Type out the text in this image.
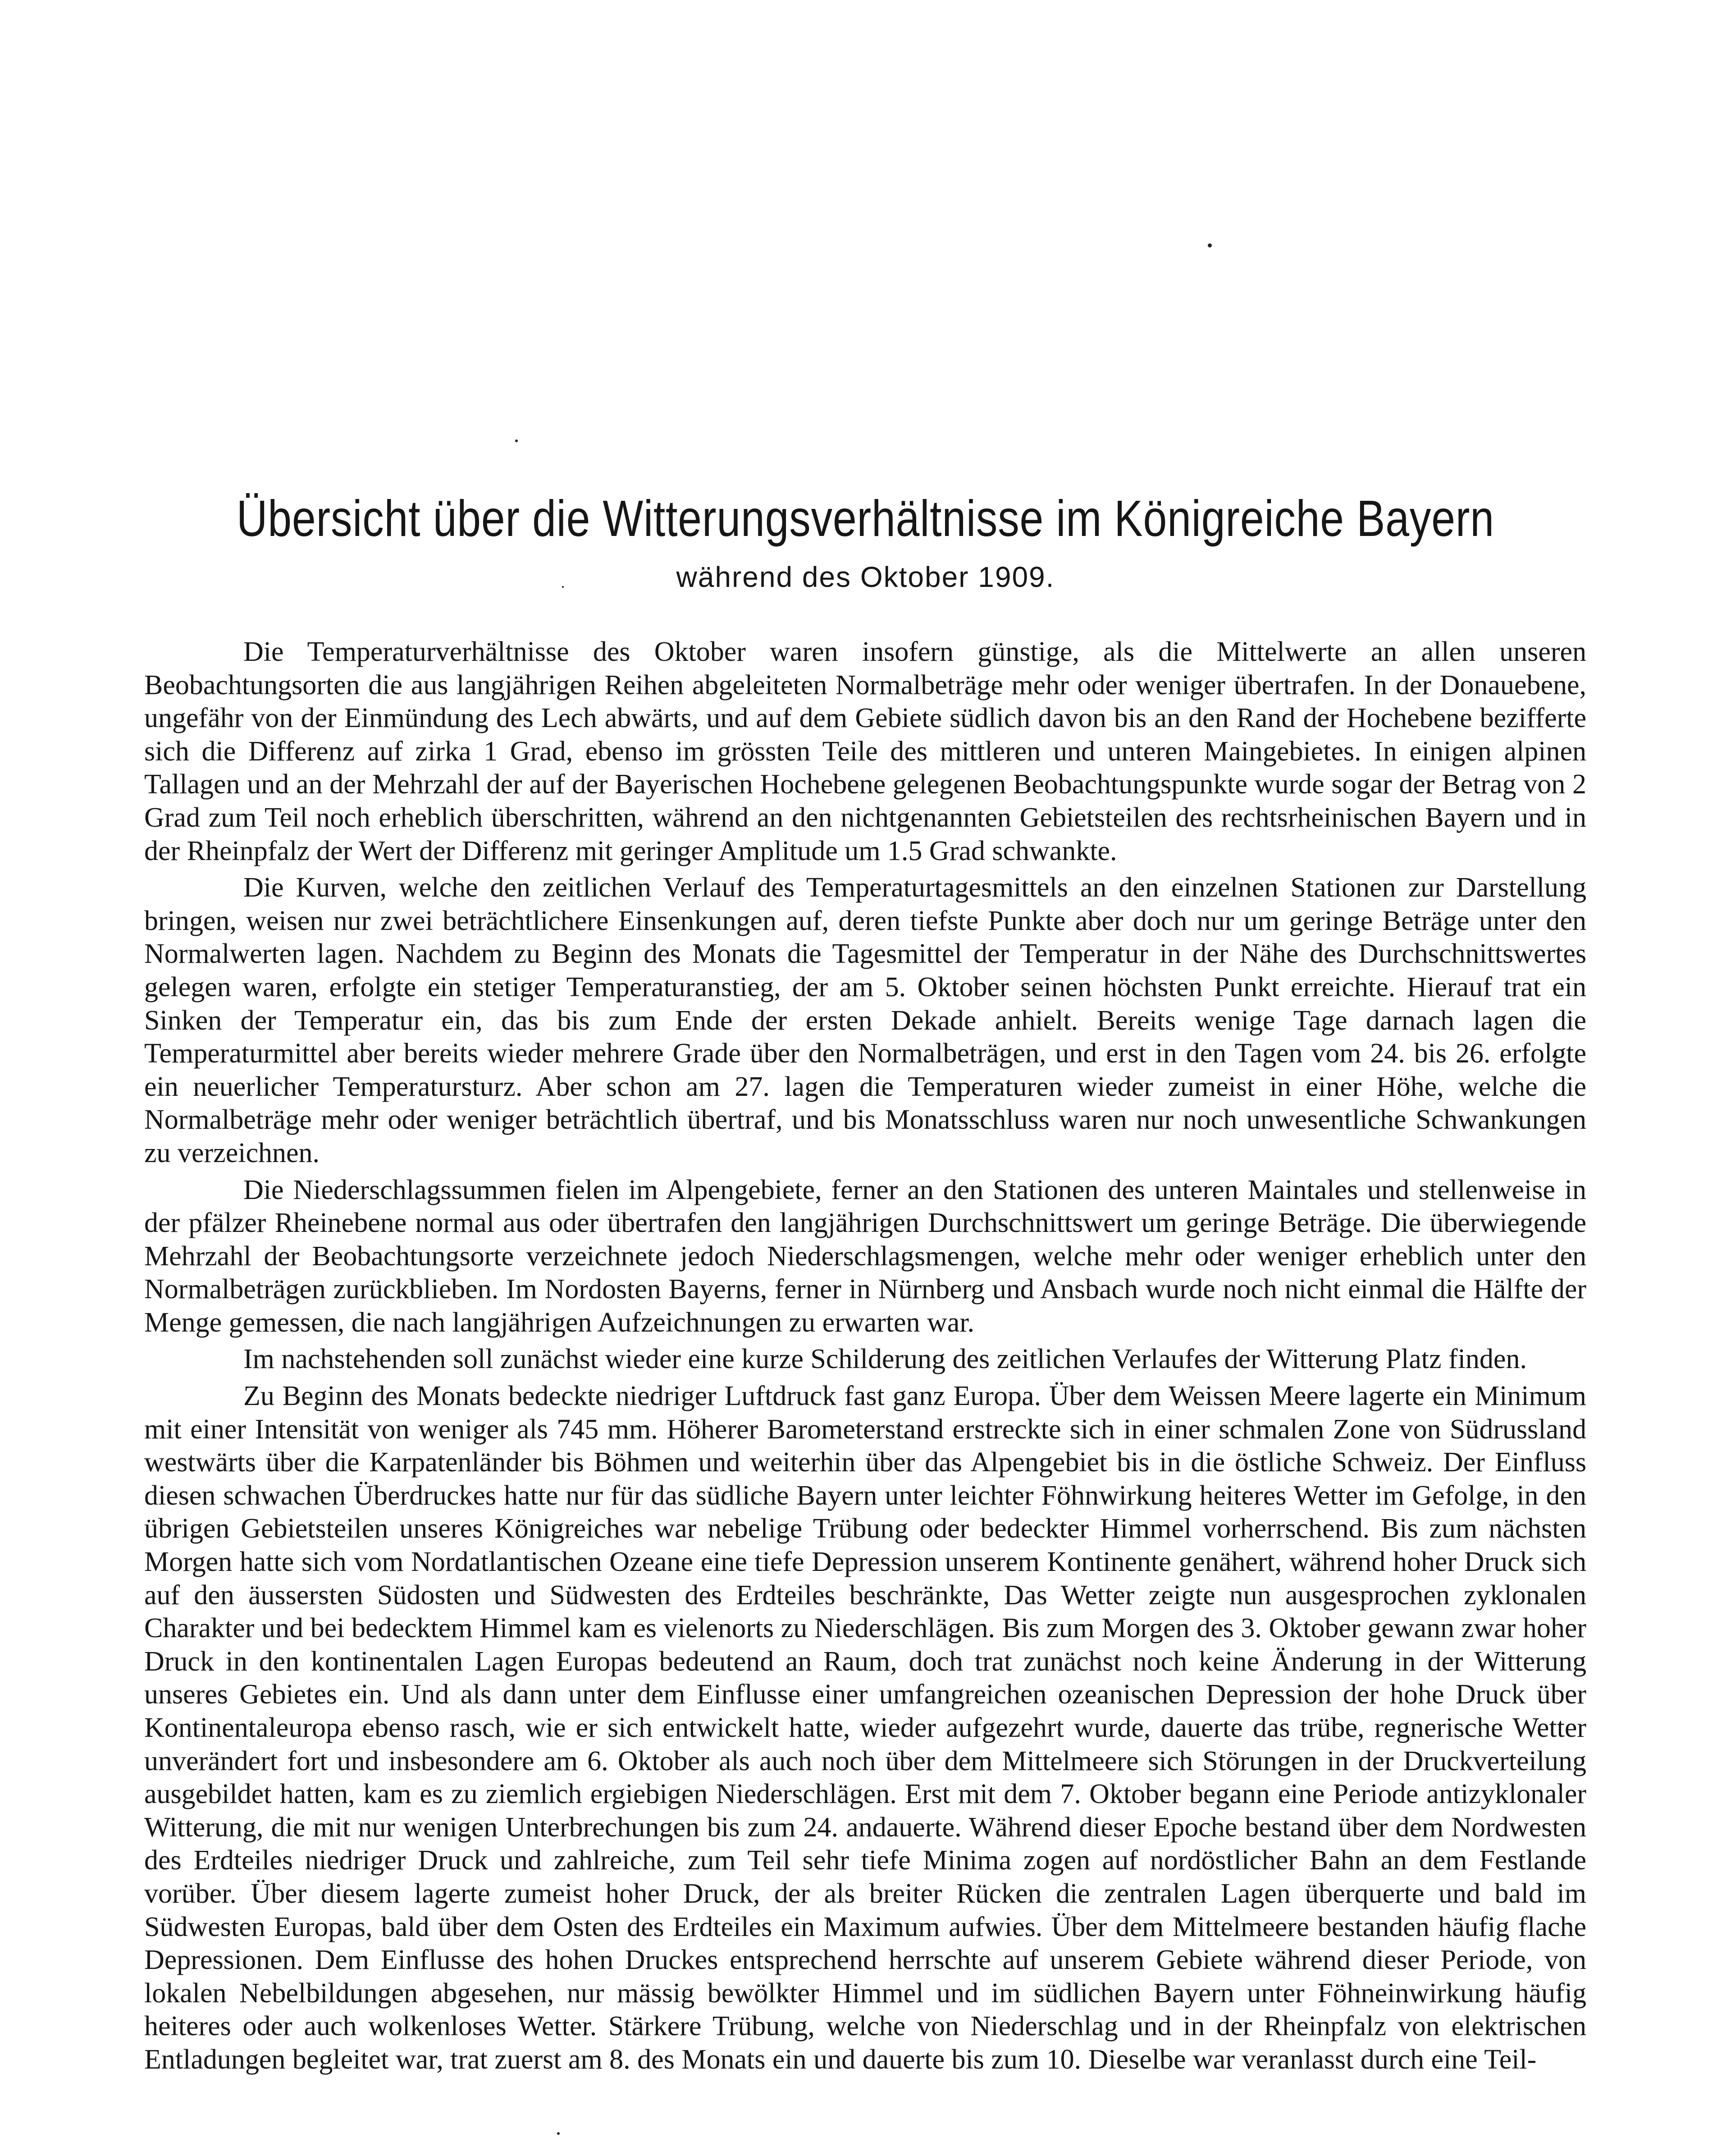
Übersicht über die Witterungsverhältnisse im Königreiche Bayern
während des Oktober 1909.

Die Temperaturverhältnisse des Oktober waren insofern günstige, als die Mittelwerte an allen unseren Beobachtungsorten die aus langjährigen Reihen abgeleiteten Normalbeträge mehr oder weniger übertrafen. In der Donauebene, ungefähr von der Einmündung des Lech abwärts, und auf dem Gebiete südlich davon bis an den Rand der Hochebene bezifferte sich die Differenz auf zirka 1 Grad, ebenso im grössten Teile des mittleren und unteren Maingebietes. In einigen alpinen Tallagen und an der Mehrzahl der auf der Bayerischen Hochebene gelegenen Beobachtungspunkte wurde sogar der Betrag von 2 Grad zum Teil noch erheblich überschritten, während an den nichtgenannten Gebietsteilen des rechtsrheinischen Bayern und in der Rheinpfalz der Wert der Differenz mit geringer Amplitude um 1.5 Grad schwankte.

Die Kurven, welche den zeitlichen Verlauf des Temperaturtagesmittels an den einzelnen Stationen zur Darstellung bringen, weisen nur zwei beträchtlichere Einsenkungen auf, deren tiefste Punkte aber doch nur um geringe Beträge unter den Normalwerten lagen. Nachdem zu Beginn des Monats die Tagesmittel der Temperatur in der Nähe des Durchschnittswertes gelegen waren, erfolgte ein stetiger Temperaturanstieg, der am 5. Oktober seinen höchsten Punkt erreichte. Hierauf trat ein Sinken der Temperatur ein, das bis zum Ende der ersten Dekade anhielt. Bereits wenige Tage darnach lagen die Temperaturmittel aber bereits wieder mehrere Grade über den Normalbeträgen, und erst in den Tagen vom 24. bis 26. erfolgte ein neuerlicher Temperatursturz. Aber schon am 27. lagen die Temperaturen wieder zumeist in einer Höhe, welche die Normalbeträge mehr oder weniger beträchtlich übertraf, und bis Monatsschluss waren nur noch unwesentliche Schwankungen zu verzeichnen.

Die Niederschlagssummen fielen im Alpengebiete, ferner an den Stationen des unteren Maintales und stellenweise in der pfälzer Rheinebene normal aus oder übertrafen den langjährigen Durchschnittswert um geringe Beträge. Die überwiegende Mehrzahl der Beobachtungsorte verzeichnete jedoch Niederschlagsmengen, welche mehr oder weniger erheblich unter den Normalbeträgen zurückblieben. Im Nordosten Bayerns, ferner in Nürnberg und Ansbach wurde noch nicht einmal die Hälfte der Menge gemessen, die nach langjährigen Aufzeichnungen zu erwarten war.

Im nachstehenden soll zunächst wieder eine kurze Schilderung des zeitlichen Verlaufes der Witterung Platz finden.

Zu Beginn des Monats bedeckte niedriger Luftdruck fast ganz Europa. Über dem Weissen Meere lagerte ein Minimum mit einer Intensität von weniger als 745 mm. Höherer Barometerstand erstreckte sich in einer schmalen Zone von Südrussland westwärts über die Karpatenländer bis Böhmen und weiterhin über das Alpengebiet bis in die östliche Schweiz. Der Einfluss diesen schwachen Überdruckes hatte nur für das südliche Bayern unter leichter Föhnwirkung heiteres Wetter im Gefolge, in den übrigen Gebietsteilen unseres Königreiches war nebelige Trübung oder bedeckter Himmel vorherrschend. Bis zum nächsten Morgen hatte sich vom Nordatlantischen Ozeane eine tiefe Depression unserem Kontinente genähert, während hoher Druck sich auf den äussersten Südosten und Südwesten des Erdteiles beschränkte, Das Wetter zeigte nun ausgesprochen zyklonalen Charakter und bei bedecktem Himmel kam es vielenorts zu Niederschlägen. Bis zum Morgen des 3. Oktober gewann zwar hoher Druck in den kontinentalen Lagen Europas bedeutend an Raum, doch trat zunächst noch keine Änderung in der Witterung unseres Gebietes ein. Und als dann unter dem Einflusse einer umfangreichen ozeanischen Depression der hohe Druck über Kontinentaleuropa ebenso rasch, wie er sich entwickelt hatte, wieder aufgezehrt wurde, dauerte das trübe, regnerische Wetter unverändert fort und insbesondere am 6. Oktober als auch noch über dem Mittelmeere sich Störungen in der Druckverteilung ausgebildet hatten, kam es zu ziemlich ergiebigen Niederschlägen. Erst mit dem 7. Oktober begann eine Periode antizyklonaler Witterung, die mit nur wenigen Unterbrechungen bis zum 24. andauerte. Während dieser Epoche bestand über dem Nordwesten des Erdteiles niedriger Druck und zahlreiche, zum Teil sehr tiefe Minima zogen auf nordöstlicher Bahn an dem Festlande vorüber. Über diesem lagerte zumeist hoher Druck, der als breiter Rücken die zentralen Lagen überquerte und bald im Südwesten Europas, bald über dem Osten des Erdteiles ein Maximum aufwies. Über dem Mittelmeere bestanden häufig flache Depressionen. Dem Einflusse des hohen Druckes entsprechend herrschte auf unserem Gebiete während dieser Periode, von lokalen Nebelbildungen abgesehen, nur mässig bewölkter Himmel und im südlichen Bayern unter Föhneinwirkung häufig heiteres oder auch wolkenloses Wetter. Stärkere Trübung, welche von Niederschlag und in der Rheinpfalz von elektrischen Entladungen begleitet war, trat zuerst am 8. des Monats ein und dauerte bis zum 10. Dieselbe war veranlasst durch eine Teil-
